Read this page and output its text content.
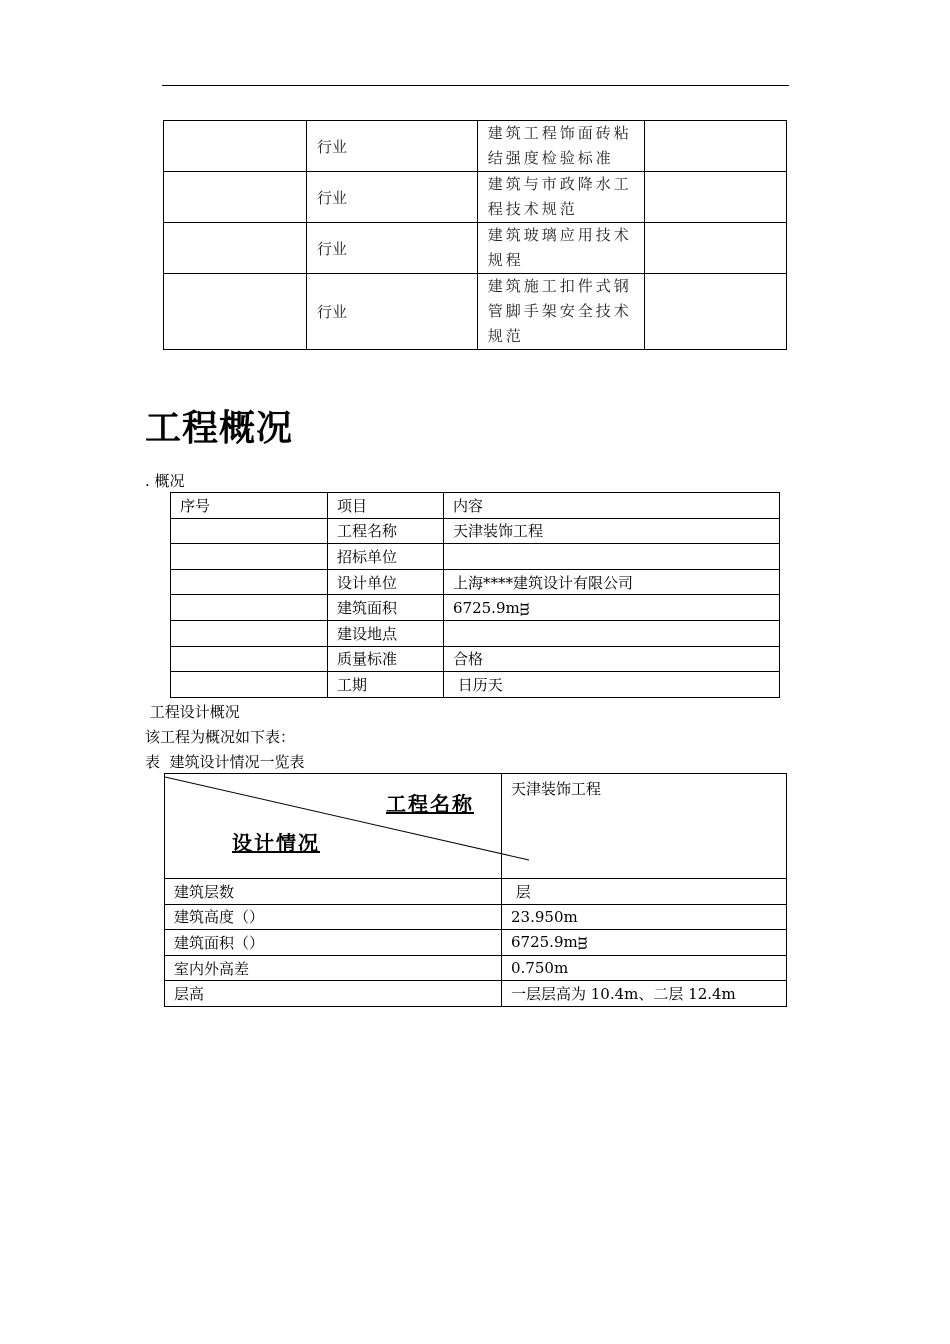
	行业	建筑工程饰面砖粘结强度检验标准	
	行业	建筑与市政降水工程技术规范	
	行业	建筑玻璃应用技术规程	
	行业	建筑施工扣件式钢管脚手架安全技术规范	
工程概况
. 概况
序号	项目	内容
	工程名称	天津装饰工程
	招标单位	
	设计单位	上海****建筑设计有限公司
	建筑面积	6725.9mᴟ
	建设地点	
	质量标准	合格
	工期	日历天
工程设计概况
该工程为概况如下表：
表  建筑设计情况一览表
工程名称
设计情况	天津装饰工程
建筑层数	层
建筑高度（）	23.950m
建筑面积（）	6725.9mᴟ
室内外高差	0.750m
层高	一层层高为 10.4m、二层 12.4m
